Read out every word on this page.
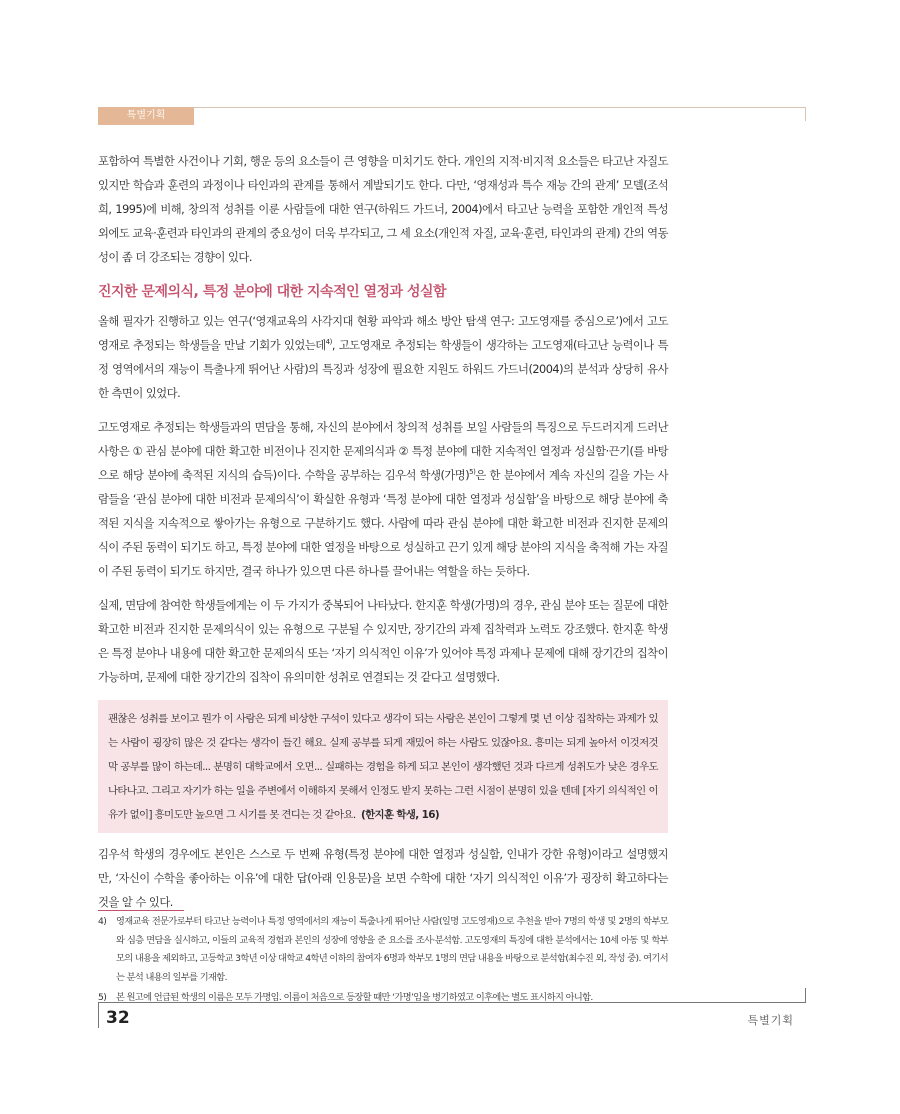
특별기획

포함하여 특별한 사건이나 기회, 행운 등의 요소들이 큰 영향을 미치기도 한다. 개인의 지적·비지적 요소들은 타고난 자질도 있지만 학습과 훈련의 과정이나 타인과의 관계를 통해서 계발되기도 한다. 다만, ‘영재성과 특수 재능 간의 관계’ 모델(조석희, 1995)에 비해, 창의적 성취를 이룬 사람들에 대한 연구(하워드 가드너, 2004)에서 타고난 능력을 포함한 개인적 특성 외에도 교육·훈련과 타인과의 관계의 중요성이 더욱 부각되고, 그 세 요소(개인적 자질, 교육·훈련, 타인과의 관계) 간의 역동성이 좀 더 강조되는 경향이 있다.

진지한 문제의식, 특정 분야에 대한 지속적인 열정과 성실함

올해 필자가 진행하고 있는 연구(‘영재교육의 사각지대 현황 파악과 해소 방안 탐색 연구: 고도영재를 중심으로’)에서 고도영재로 추정되는 학생들을 만날 기회가 있었는데$^{4)}$, 고도영재로 추정되는 학생들이 생각하는 고도영재(타고난 능력이나 특정 영역에서의 재능이 특출나게 뛰어난 사람)의 특징과 성장에 필요한 지원도 하워드 가드너(2004)의 분석과 상당히 유사한 측면이 있었다.

고도영재로 추정되는 학생들과의 면담을 통해, 자신의 분야에서 창의적 성취를 보일 사람들의 특징으로 두드러지게 드러난 사항은 ① 관심 분야에 대한 확고한 비전이나 진지한 문제의식과 ② 특정 분야에 대한 지속적인 열정과 성실함·끈기(를 바탕으로 해당 분야에 축적된 지식의 습득)이다. 수학을 공부하는 김우석 학생(가명)$^{5)}$은 한 분야에서 계속 자신의 길을 가는 사람들을 ‘관심 분야에 대한 비전과 문제의식’이 확실한 유형과 ‘특정 분야에 대한 열정과 성실함’을 바탕으로 해당 분야에 축적된 지식을 지속적으로 쌓아가는 유형으로 구분하기도 했다. 사람에 따라 관심 분야에 대한 확고한 비전과 진지한 문제의식이 주된 동력이 되기도 하고, 특정 분야에 대한 열정을 바탕으로 성실하고 끈기 있게 해당 분야의 지식을 축적해 가는 자질이 주된 동력이 되기도 하지만, 결국 하나가 있으면 다른 하나를 끌어내는 역할을 하는 듯하다.

실제, 면담에 참여한 학생들에게는 이 두 가지가 중복되어 나타났다. 한지훈 학생(가명)의 경우, 관심 분야 또는 질문에 대한 확고한 비전과 진지한 문제의식이 있는 유형으로 구분될 수 있지만, 장기간의 과제 집착력과 노력도 강조했다. 한지훈 학생은 특정 분야나 내용에 대한 확고한 문제의식 또는 ‘자기 의식적인 이유’가 있어야 특정 과제나 문제에 대해 장기간의 집착이 가능하며, 문제에 대한 장기간의 집착이 유의미한 성취로 연결되는 것 같다고 설명했다.

괜찮은 성취를 보이고 뭔가 이 사람은 되게 비상한 구석이 있다고 생각이 되는 사람은 본인이 그렇게 몇 년 이상 집착하는 과제가 있는 사람이 굉장히 많은 것 같다는 생각이 들긴 해요. 실제 공부를 되게 재밌어 하는 사람도 있잖아요. 흥미는 되게 높아서 이것저것 막 공부를 많이 하는데... 분명히 대학교에서 오면... 실패하는 경험을 하게 되고 본인이 생각했던 것과 다르게 성취도가 낮은 경우도 나타나고. 그리고 자기가 하는 일을 주변에서 이해하지 못해서 인정도 받지 못하는 그런 시점이 분명히 있을 텐데 [자기 의식적인 이유가 없이] 흥미도만 높으면 그 시기를 못 견디는 것 같아요. (한지훈 학생, 16)

김우석 학생의 경우에도 본인은 스스로 두 번째 유형(특정 분야에 대한 열정과 성실함, 인내가 강한 유형)이라고 설명했지만, ‘자신이 수학을 좋아하는 이유’에 대한 답(아래 인용문)을 보면 수학에 대한 ‘자기 의식적인 이유’가 굉장히 확고하다는 것을 알 수 있다.

4)	영재교육 전문가로부터 타고난 능력이나 특정 영역에서의 재능이 특출나게 뛰어난 사람(일명 고도영재)으로 추천을 받아 7명의 학생 및 2명의 학부모와 심층 면담을 실시하고, 이들의 교육적 경험과 본인의 성장에 영향을 준 요소를 조사·분석함. 고도영재의 특징에 대한 분석에서는 10세 아동 및 학부모의 내용을 제외하고, 고등학교 3학년 이상 대학교 4학년 이하의 참여자 6명과 학부모 1명의 면담 내용을 바탕으로 분석함(최수진 외, 작성 중). 여기서는 분석 내용의 일부를 기재함.
5)	본 원고에 언급된 학생의 이름은 모두 가명임. 이름이 처음으로 등장할 때만 ‘가명’임을 병기하였고 이후에는 별도 표시하지 아니함.
32	특별기획
